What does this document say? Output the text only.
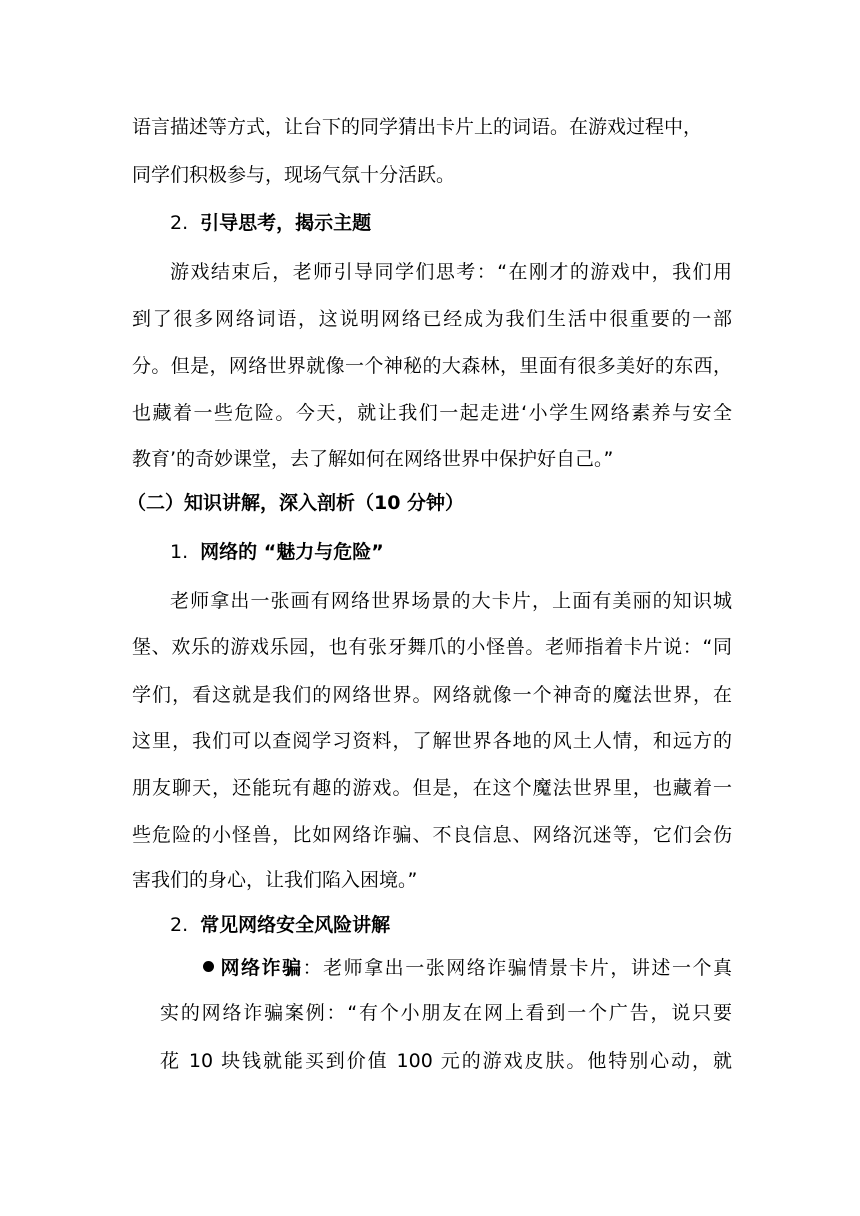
语言描述等方式，让台下的同学猜出卡片上的词语。在游戏过程中，
同学们积极参与，现场气氛十分活跃。
2. 引导思考，揭示主题
游戏结束后，老师引导同学们思考：“在刚才的游戏中，我们用
到了很多网络词语，这说明网络已经成为我们生活中很重要的一部
分。但是，网络世界就像一个神秘的大森林，里面有很多美好的东西，
也藏着一些危险。今天，就让我们一起走进‘小学生网络素养与安全
教育’的奇妙课堂，去了解如何在网络世界中保护好自己。”
（二）知识讲解，深入剖析（10 分钟）
1. 网络的 “魅力与危险”
老师拿出一张画有网络世界场景的大卡片，上面有美丽的知识城
堡、欢乐的游戏乐园，也有张牙舞爪的小怪兽。老师指着卡片说：“同
学们，看这就是我们的网络世界。网络就像一个神奇的魔法世界，在
这里，我们可以查阅学习资料，了解世界各地的风土人情，和远方的
朋友聊天，还能玩有趣的游戏。但是，在这个魔法世界里，也藏着一
些危险的小怪兽，比如网络诈骗、不良信息、网络沉迷等，它们会伤
害我们的身心，让我们陷入困境。”
2. 常见网络安全风险讲解
网络诈骗：老师拿出一张网络诈骗情景卡片，讲述一个真
实的网络诈骗案例：“有个小朋友在网上看到一个广告，说只要
花 10 块钱就能买到价值 100 元的游戏皮肤。他特别心动，就
